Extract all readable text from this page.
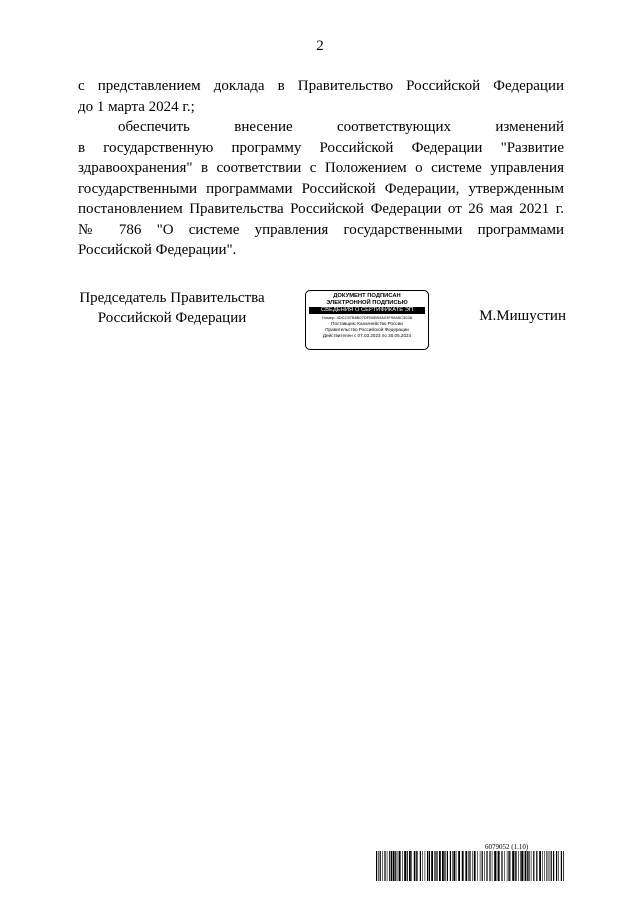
2

с представлением доклада в Правительство Российской Федерации

до 1 марта 2024 г.;

обеспечить внесение соответствующих изменений

в государственную программу Российской Федерации "Развитие

здравоохранения" в соответствии с Положением о системе управления

государственными программами Российской Федерации, утвержденным

постановлением Правительства Российской Федерации от 26 мая 2021 г.

№ 786 "О системе управления государственными программами

Российской Федерации".

Председатель Правительства
Российской Федерации
ДОКУМЕНТ ПОДПИСАН
ЭЛЕКТРОННОЙ ПОДПИСЬЮ
СВЕДЕНИЯ О СЕРТИФИКАТЕ ЭП
Номер: 4DCC57B8B07DFB0B94A03F90A5C3038
Поставщик: Казначейство России
Правительство Российской Федерации
Действителен с 07.03.2023 по 30.05.2024
М.Мишустин
6079052 (1.10)
